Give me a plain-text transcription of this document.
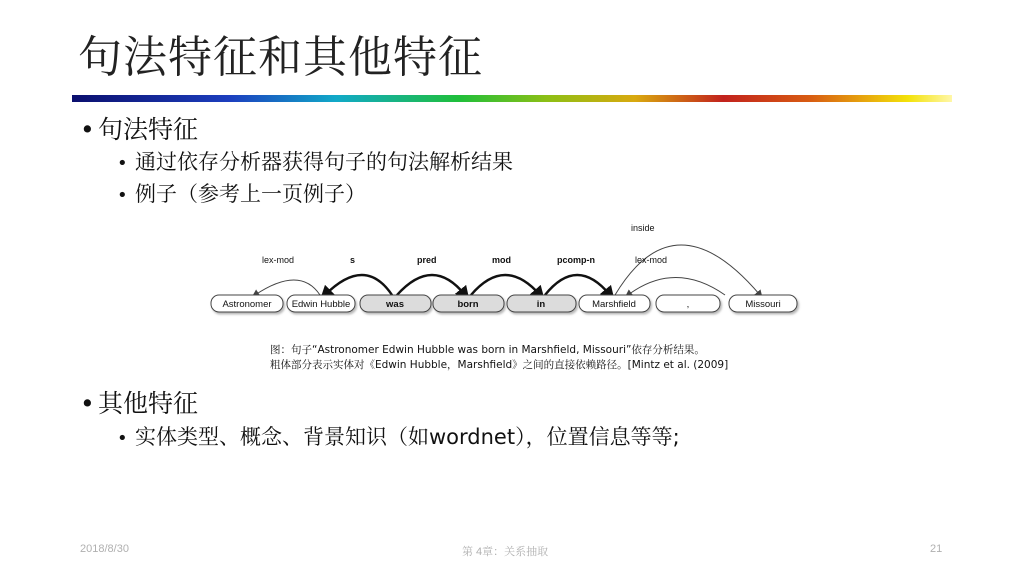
句法特征和其他特征
• 句法特征
• 通过依存分析器获得句子的句法解析结果
• 例子（参考上一页例子）
lex-mod	s	pred	mod	pcomp-n	lex-mod
inside
Astronomer Edwin Hubble	was	born	in	Marshfield	,	Missouri
图：句子“Astronomer Edwin Hubble was born in Marshfield, Missouri”依存分析结果。
粗体部分表示实体对《Edwin Hubble，Marshfield》之间的直接依赖路径。[Mintz et al. (2009]
• 其他特征
• 实体类型、概念、背景知识（如wordnet），位置信息等等;
2018/8/30	第 4章：关系抽取	21
